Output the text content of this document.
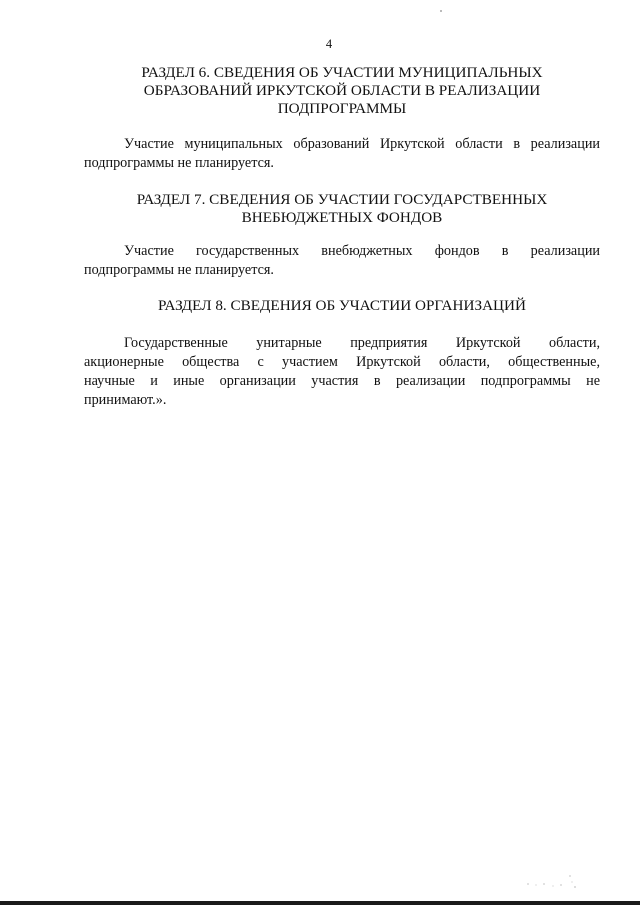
4
РАЗДЕЛ 6. СВЕДЕНИЯ ОБ УЧАСТИИ МУНИЦИПАЛЬНЫХ
ОБРАЗОВАНИЙ ИРКУТСКОЙ ОБЛАСТИ В РЕАЛИЗАЦИИ
ПОДПРОГРАММЫ

Участие муниципальных образований Иркутской области в реализации
подпрограммы не планируется.

РАЗДЕЛ 7. СВЕДЕНИЯ ОБ УЧАСТИИ ГОСУДАРСТВЕННЫХ
ВНЕБЮДЖЕТНЫХ ФОНДОВ

Участие государственных внебюджетных фондов в реализации
подпрограммы не планируется.

РАЗДЕЛ 8. СВЕДЕНИЯ ОБ УЧАСТИИ ОРГАНИЗАЦИЙ

Государственные унитарные предприятия Иркутской области,
акционерные общества с участием Иркутской области, общественные,
научные и иные организации участия в реализации подпрограммы не
принимают.».
